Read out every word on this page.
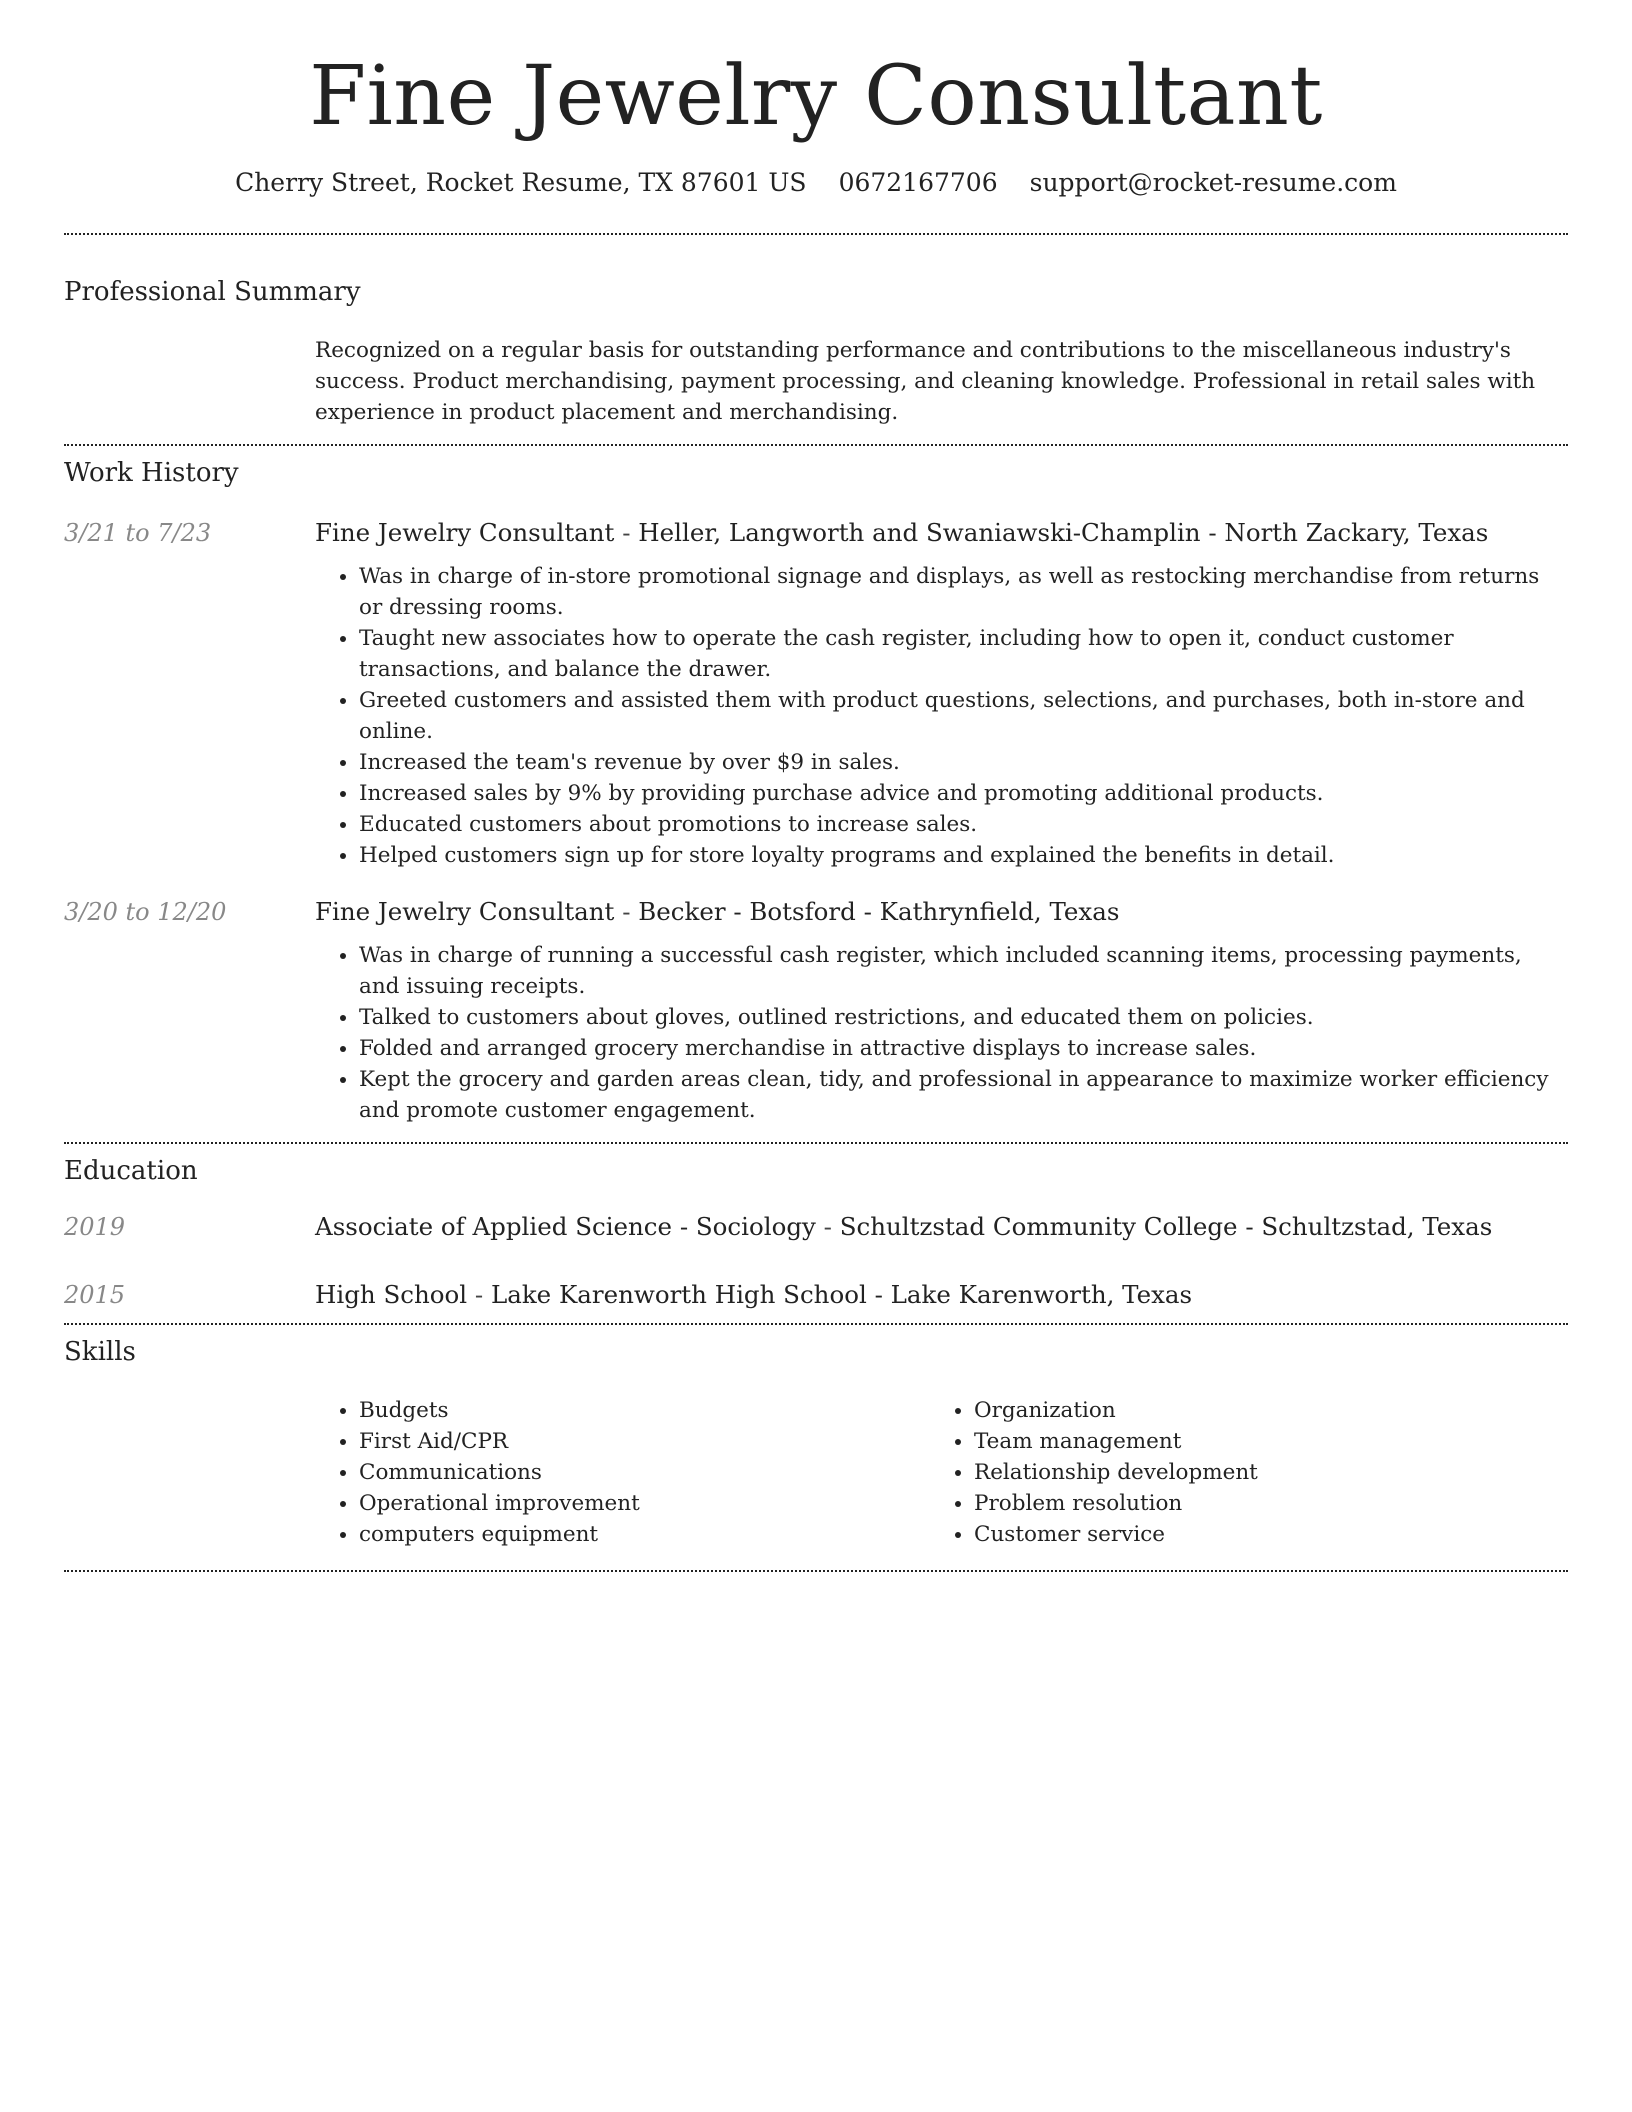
Fine Jewelry Consultant
Cherry Street, Rocket Resume, TX 87601 US 0672167706 support@rocket-resume.com
Professional Summary
Recognized on a regular basis for outstanding performance and contributions to the miscellaneous industry's success. Product merchandising, payment processing, and cleaning knowledge. Professional in retail sales with experience in product placement and merchandising.
Work History
3/21 to 7/23	Fine Jewelry Consultant - Heller, Langworth and Swaniawski-Champlin - North Zackary, Texas
• Was in charge of in-store promotional signage and displays, as well as restocking merchandise from returns or dressing rooms.
• Taught new associates how to operate the cash register, including how to open it, conduct customer transactions, and balance the drawer.
• Greeted customers and assisted them with product questions, selections, and purchases, both in-store and online.
• Increased the team's revenue by over $9 in sales.
• Increased sales by 9% by providing purchase advice and promoting additional products.
• Educated customers about promotions to increase sales.
• Helped customers sign up for store loyalty programs and explained the benefits in detail.
3/20 to 12/20	Fine Jewelry Consultant - Becker - Botsford - Kathrynfield, Texas
• Was in charge of running a successful cash register, which included scanning items, processing payments, and issuing receipts.
• Talked to customers about gloves, outlined restrictions, and educated them on policies.
• Folded and arranged grocery merchandise in attractive displays to increase sales.
• Kept the grocery and garden areas clean, tidy, and professional in appearance to maximize worker efficiency and promote customer engagement.
Education
2019	Associate of Applied Science - Sociology - Schultzstad Community College - Schultzstad, Texas
2015	High School - Lake Karenworth High School - Lake Karenworth, Texas
Skills
• Budgets
• First Aid/CPR
• Communications
• Operational improvement
• computers equipment
• Organization
• Team management
• Relationship development
• Problem resolution
• Customer service
